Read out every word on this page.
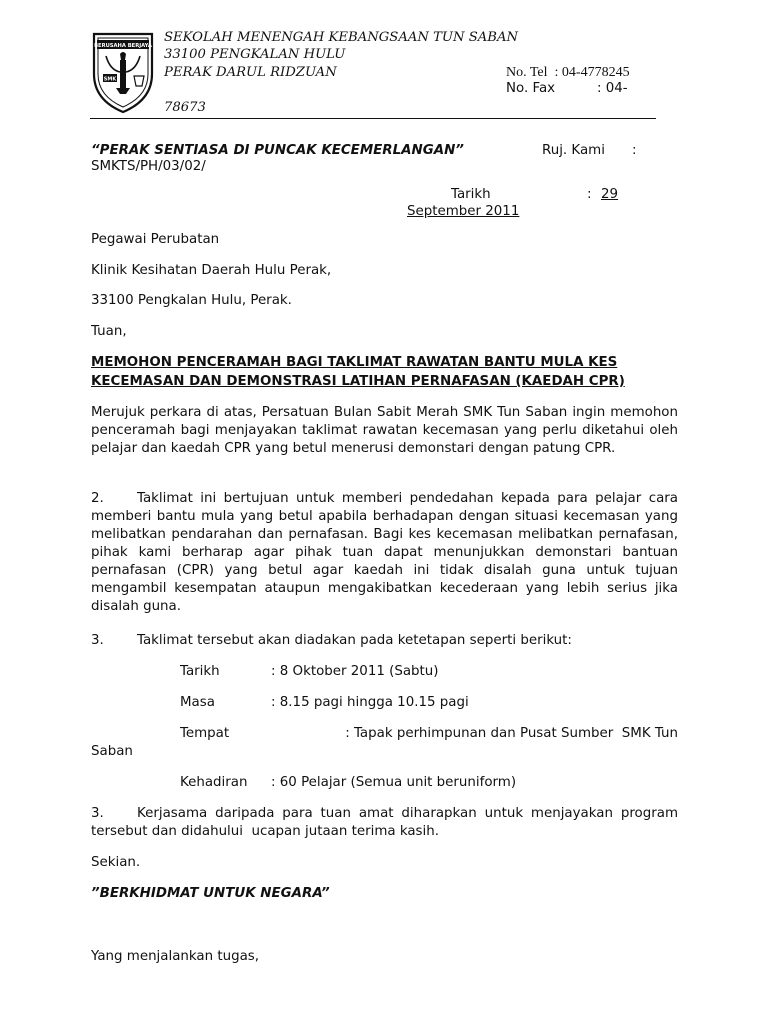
BERUSAHA BERJAYA
SMK
SEKOLAH MENENGAH KEBANGSAAN TUN SABAN
33100 PENGKALAN HULU
PERAK DARUL RIDZUAN
78673
No. Tel  : 04-4778245
No. Fax	: 04-
“PERAK SENTIASA DI PUNCAK KECEMERLANGAN”	Ruj. Kami :
SMKTS/PH/03/02/
Tarikh	: 29
September 2011
Pegawai Perubatan
Klinik Kesihatan Daerah Hulu Perak,
33100 Pengkalan Hulu, Perak.
Tuan,
MEMOHON PENCERAMAH BAGI TAKLIMAT RAWATAN BANTU MULA KES
KECEMASAN DAN DEMONSTRASI LATIHAN PERNAFASAN (KAEDAH CPR)
Merujuk perkara di atas, Persatuan Bulan Sabit Merah SMK Tun Saban ingin memohon penceramah bagi menjayakan taklimat rawatan kecemasan yang perlu diketahui oleh pelajar dan kaedah CPR yang betul menerusi demonstari dengan patung CPR.
2. Taklimat ini bertujuan untuk memberi pendedahan kepada para pelajar cara memberi bantu mula yang betul apabila berhadapan dengan situasi kecemasan yang melibatkan pendarahan dan pernafasan. Bagi kes kecemasan melibatkan pernafasan, pihak kami berharap agar pihak tuan dapat menunjukkan demonstari bantuan pernafasan (CPR) yang betul agar kaedah ini tidak disalah guna untuk tujuan mengambil kesempatan ataupun mengakibatkan kecederaan yang lebih serius jika disalah guna.
3. Taklimat tersebut akan diadakan pada ketetapan seperti berikut:
Tarikh	: 8 Oktober 2011 (Sabtu)
Masa	: 8.15 pagi hingga 10.15 pagi
Tempat	: Tapak perhimpunan dan Pusat Sumber  SMK Tun
Saban
Kehadiran : 60 Pelajar (Semua unit beruniform)
3. Kerjasama daripada para tuan amat diharapkan untuk menjayakan program tersebut dan didahului  ucapan jutaan terima kasih.
Sekian.
”BERKHIDMAT UNTUK NEGARA”
Yang menjalankan tugas,
